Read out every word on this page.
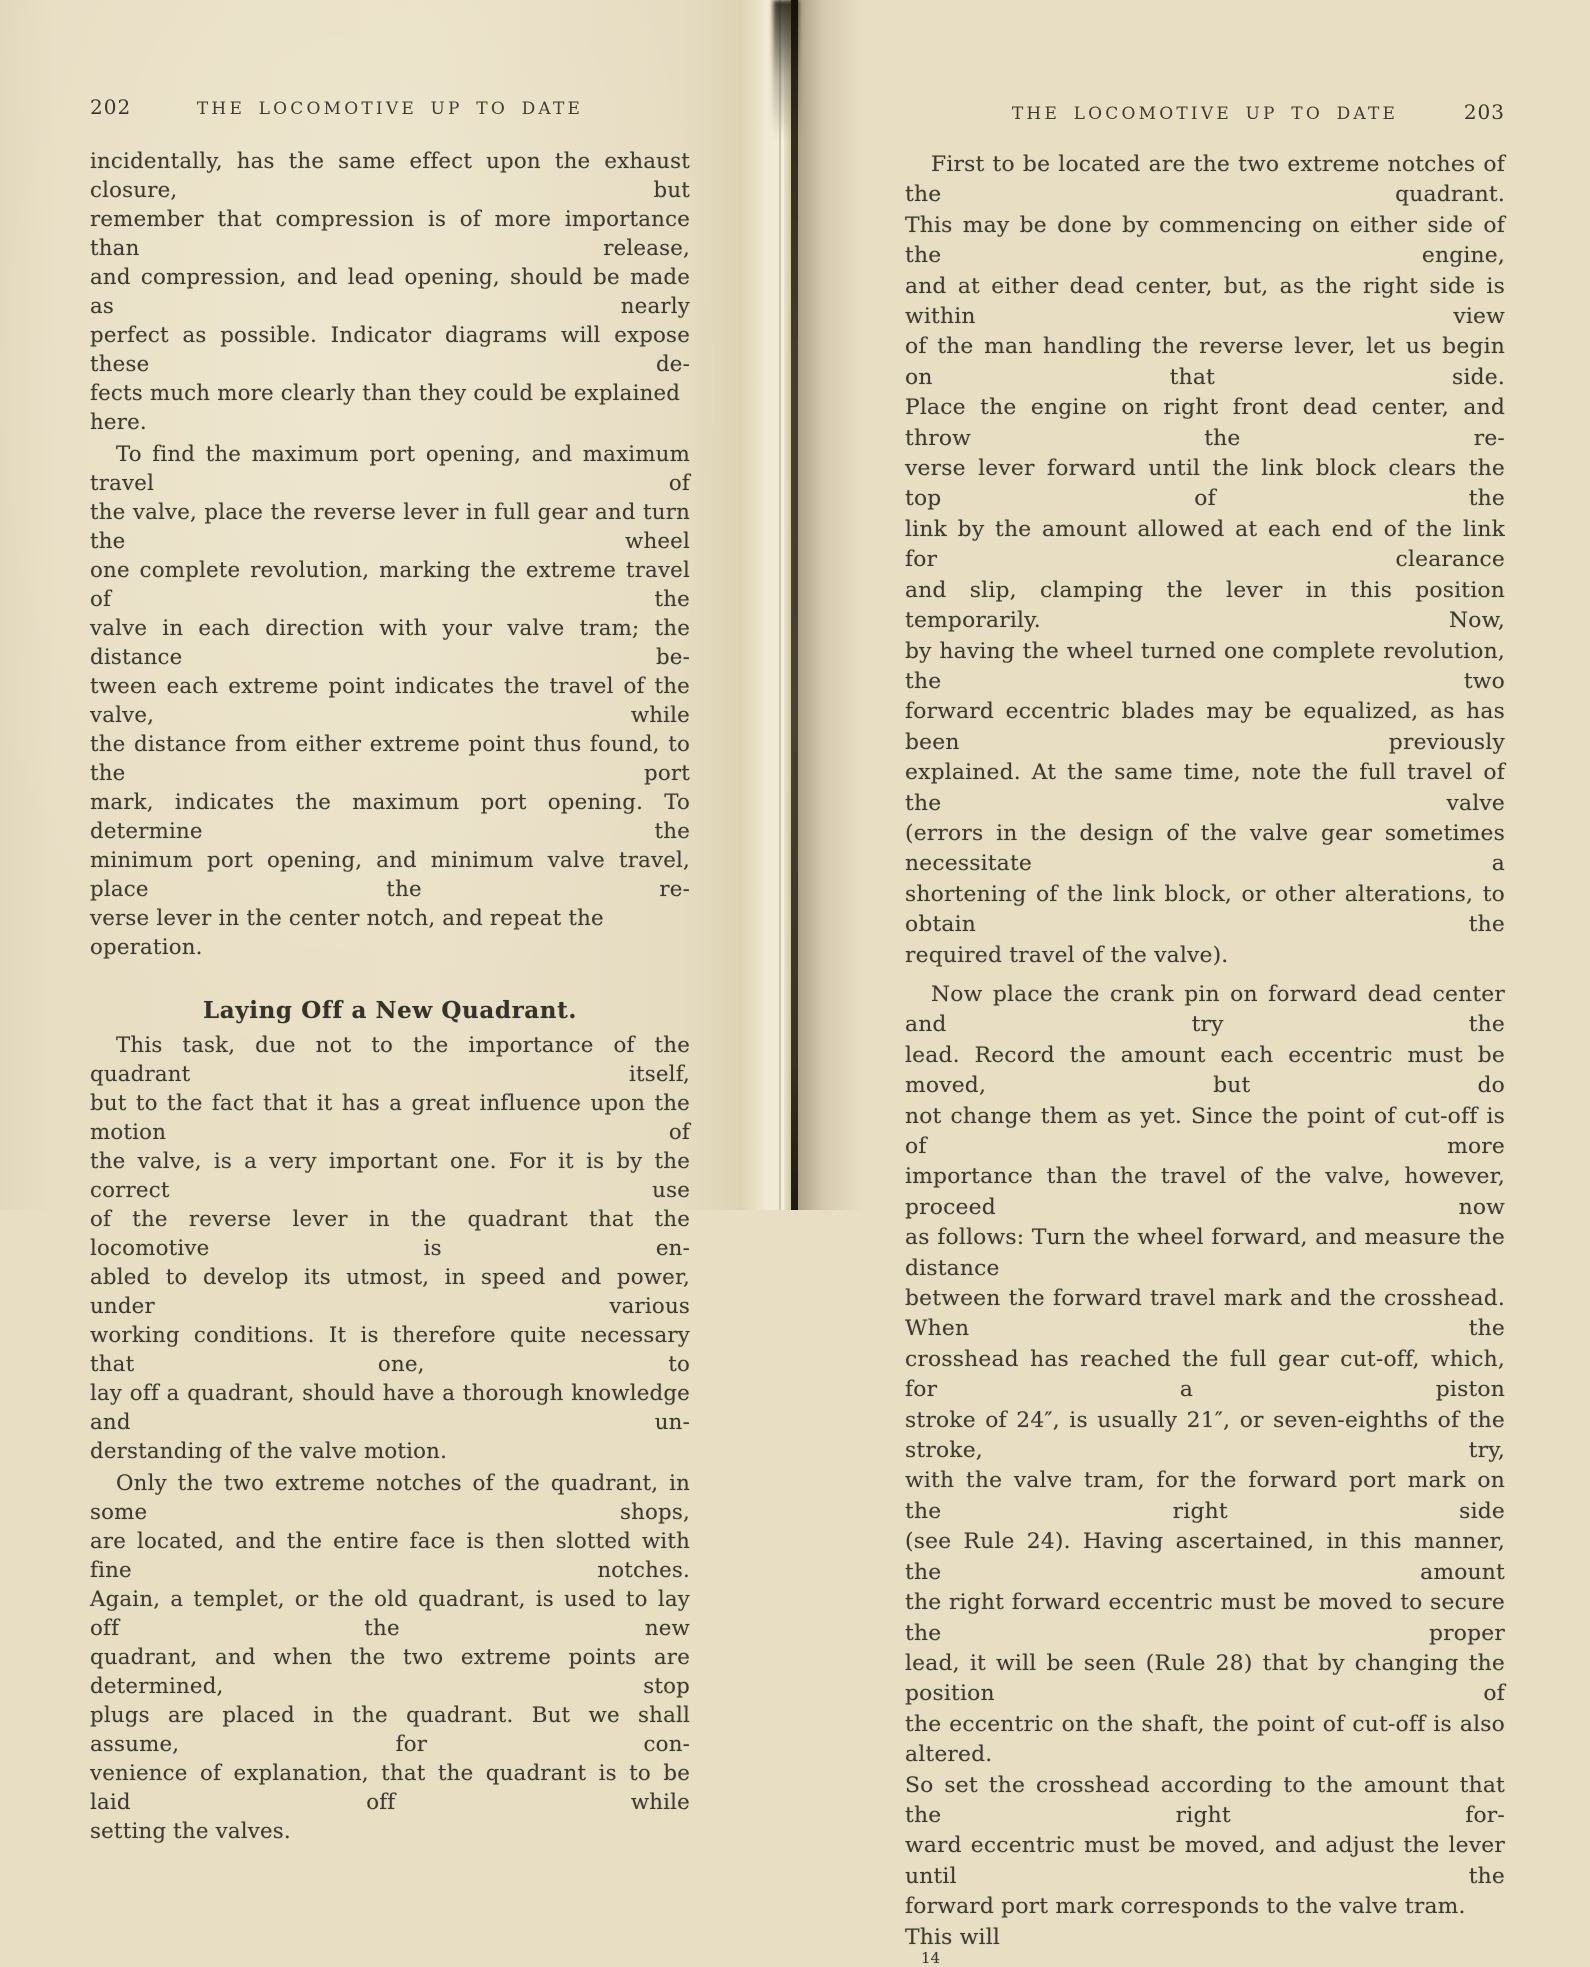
202	THE LOCOMOTIVE UP TO DATE
incidentally, has the same effect upon the exhaust closure, but
remember that compression is of more importance than release,
and compression, and lead opening, should be made as nearly
perfect as possible. Indicator diagrams will expose these de-
fects much more clearly than they could be explained here.
To find the maximum port opening, and maximum travel of
the valve, place the reverse lever in full gear and turn the wheel
one complete revolution, marking the extreme travel of the
valve in each direction with your valve tram; the distance be-
tween each extreme point indicates the travel of the valve, while
the distance from either extreme point thus found, to the port
mark, indicates the maximum port opening. To determine the
minimum port opening, and minimum valve travel, place the re-
verse lever in the center notch, and repeat the operation.
Laying Off a New Quadrant.
This task, due not to the importance of the quadrant itself,
but to the fact that it has a great influence upon the motion of
the valve, is a very important one. For it is by the correct use
of the reverse lever in the quadrant that the locomotive is en-
abled to develop its utmost, in speed and power, under various
working conditions. It is therefore quite necessary that one, to
lay off a quadrant, should have a thorough knowledge and un-
derstanding of the valve motion.
Only the two extreme notches of the quadrant, in some shops,
are located, and the entire face is then slotted with fine notches.
Again, a templet, or the old quadrant, is used to lay off the new
quadrant, and when the two extreme points are determined, stop
plugs are placed in the quadrant. But we shall assume, for con-
venience of explanation, that the quadrant is to be laid off while
setting the valves.
THE LOCOMOTIVE UP TO DATE	203
First to be located are the two extreme notches of the quadrant.
This may be done by commencing on either side of the engine,
and at either dead center, but, as the right side is within view
of the man handling the reverse lever, let us begin on that side.
Place the engine on right front dead center, and throw the re-
verse lever forward until the link block clears the top of the
link by the amount allowed at each end of the link for clearance
and slip, clamping the lever in this position temporarily. Now,
by having the wheel turned one complete revolution, the two
forward eccentric blades may be equalized, as has been previously
explained. At the same time, note the full travel of the valve
(errors in the design of the valve gear sometimes necessitate a
shortening of the link block, or other alterations, to obtain the
required travel of the valve).
Now place the crank pin on forward dead center and try the
lead. Record the amount each eccentric must be moved, but do
not change them as yet. Since the point of cut-off is of more
importance than the travel of the valve, however, proceed now
as follows: Turn the wheel forward, and measure the distance
between the forward travel mark and the crosshead. When the
crosshead has reached the full gear cut-off, which, for a piston
stroke of 24″, is usually 21″, or seven-eighths of the stroke, try,
with the valve tram, for the forward port mark on the right side
(see Rule 24). Having ascertained, in this manner, the amount
the right forward eccentric must be moved to secure the proper
lead, it will be seen (Rule 28) that by changing the position of
the eccentric on the shaft, the point of cut-off is also altered.
So set the crosshead according to the amount that the right for-
ward eccentric must be moved, and adjust the lever until the
forward port mark corresponds to the valve tram. This will
14
